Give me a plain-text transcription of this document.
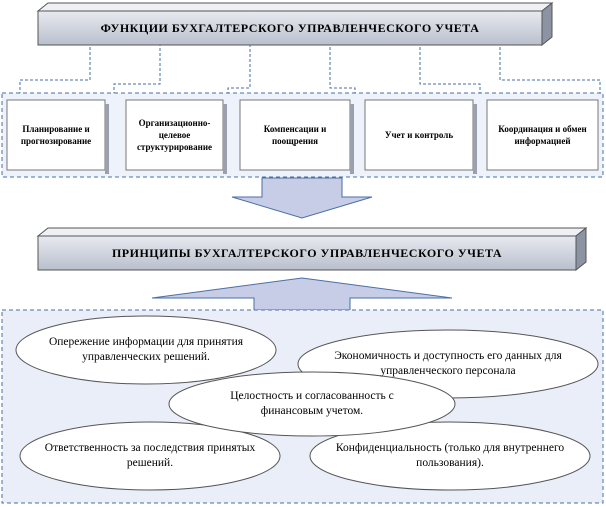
ФУНКЦИИ БУХГАЛТЕРСКОГО УПРАВЛЕНЧЕСКОГО УЧЕТА
Планирование и прогнозирование
Организационно-целевое структурирование
Компенсации и поощрения
Учет и контроль
Координация и обмен информацией
ПРИНЦИПЫ БУХГАЛТЕРСКОГО УПРАВЛЕНЧЕСКОГО УЧЕТА
Опережение информации для принятия управленческих решений.	Экономичность и доступность его данных для управленческого персонала
Ответственность за последствия принятых решений.
Конфиденциальность (только для внутреннего пользования).
Целостность и согласованность с финансовым учетом.
